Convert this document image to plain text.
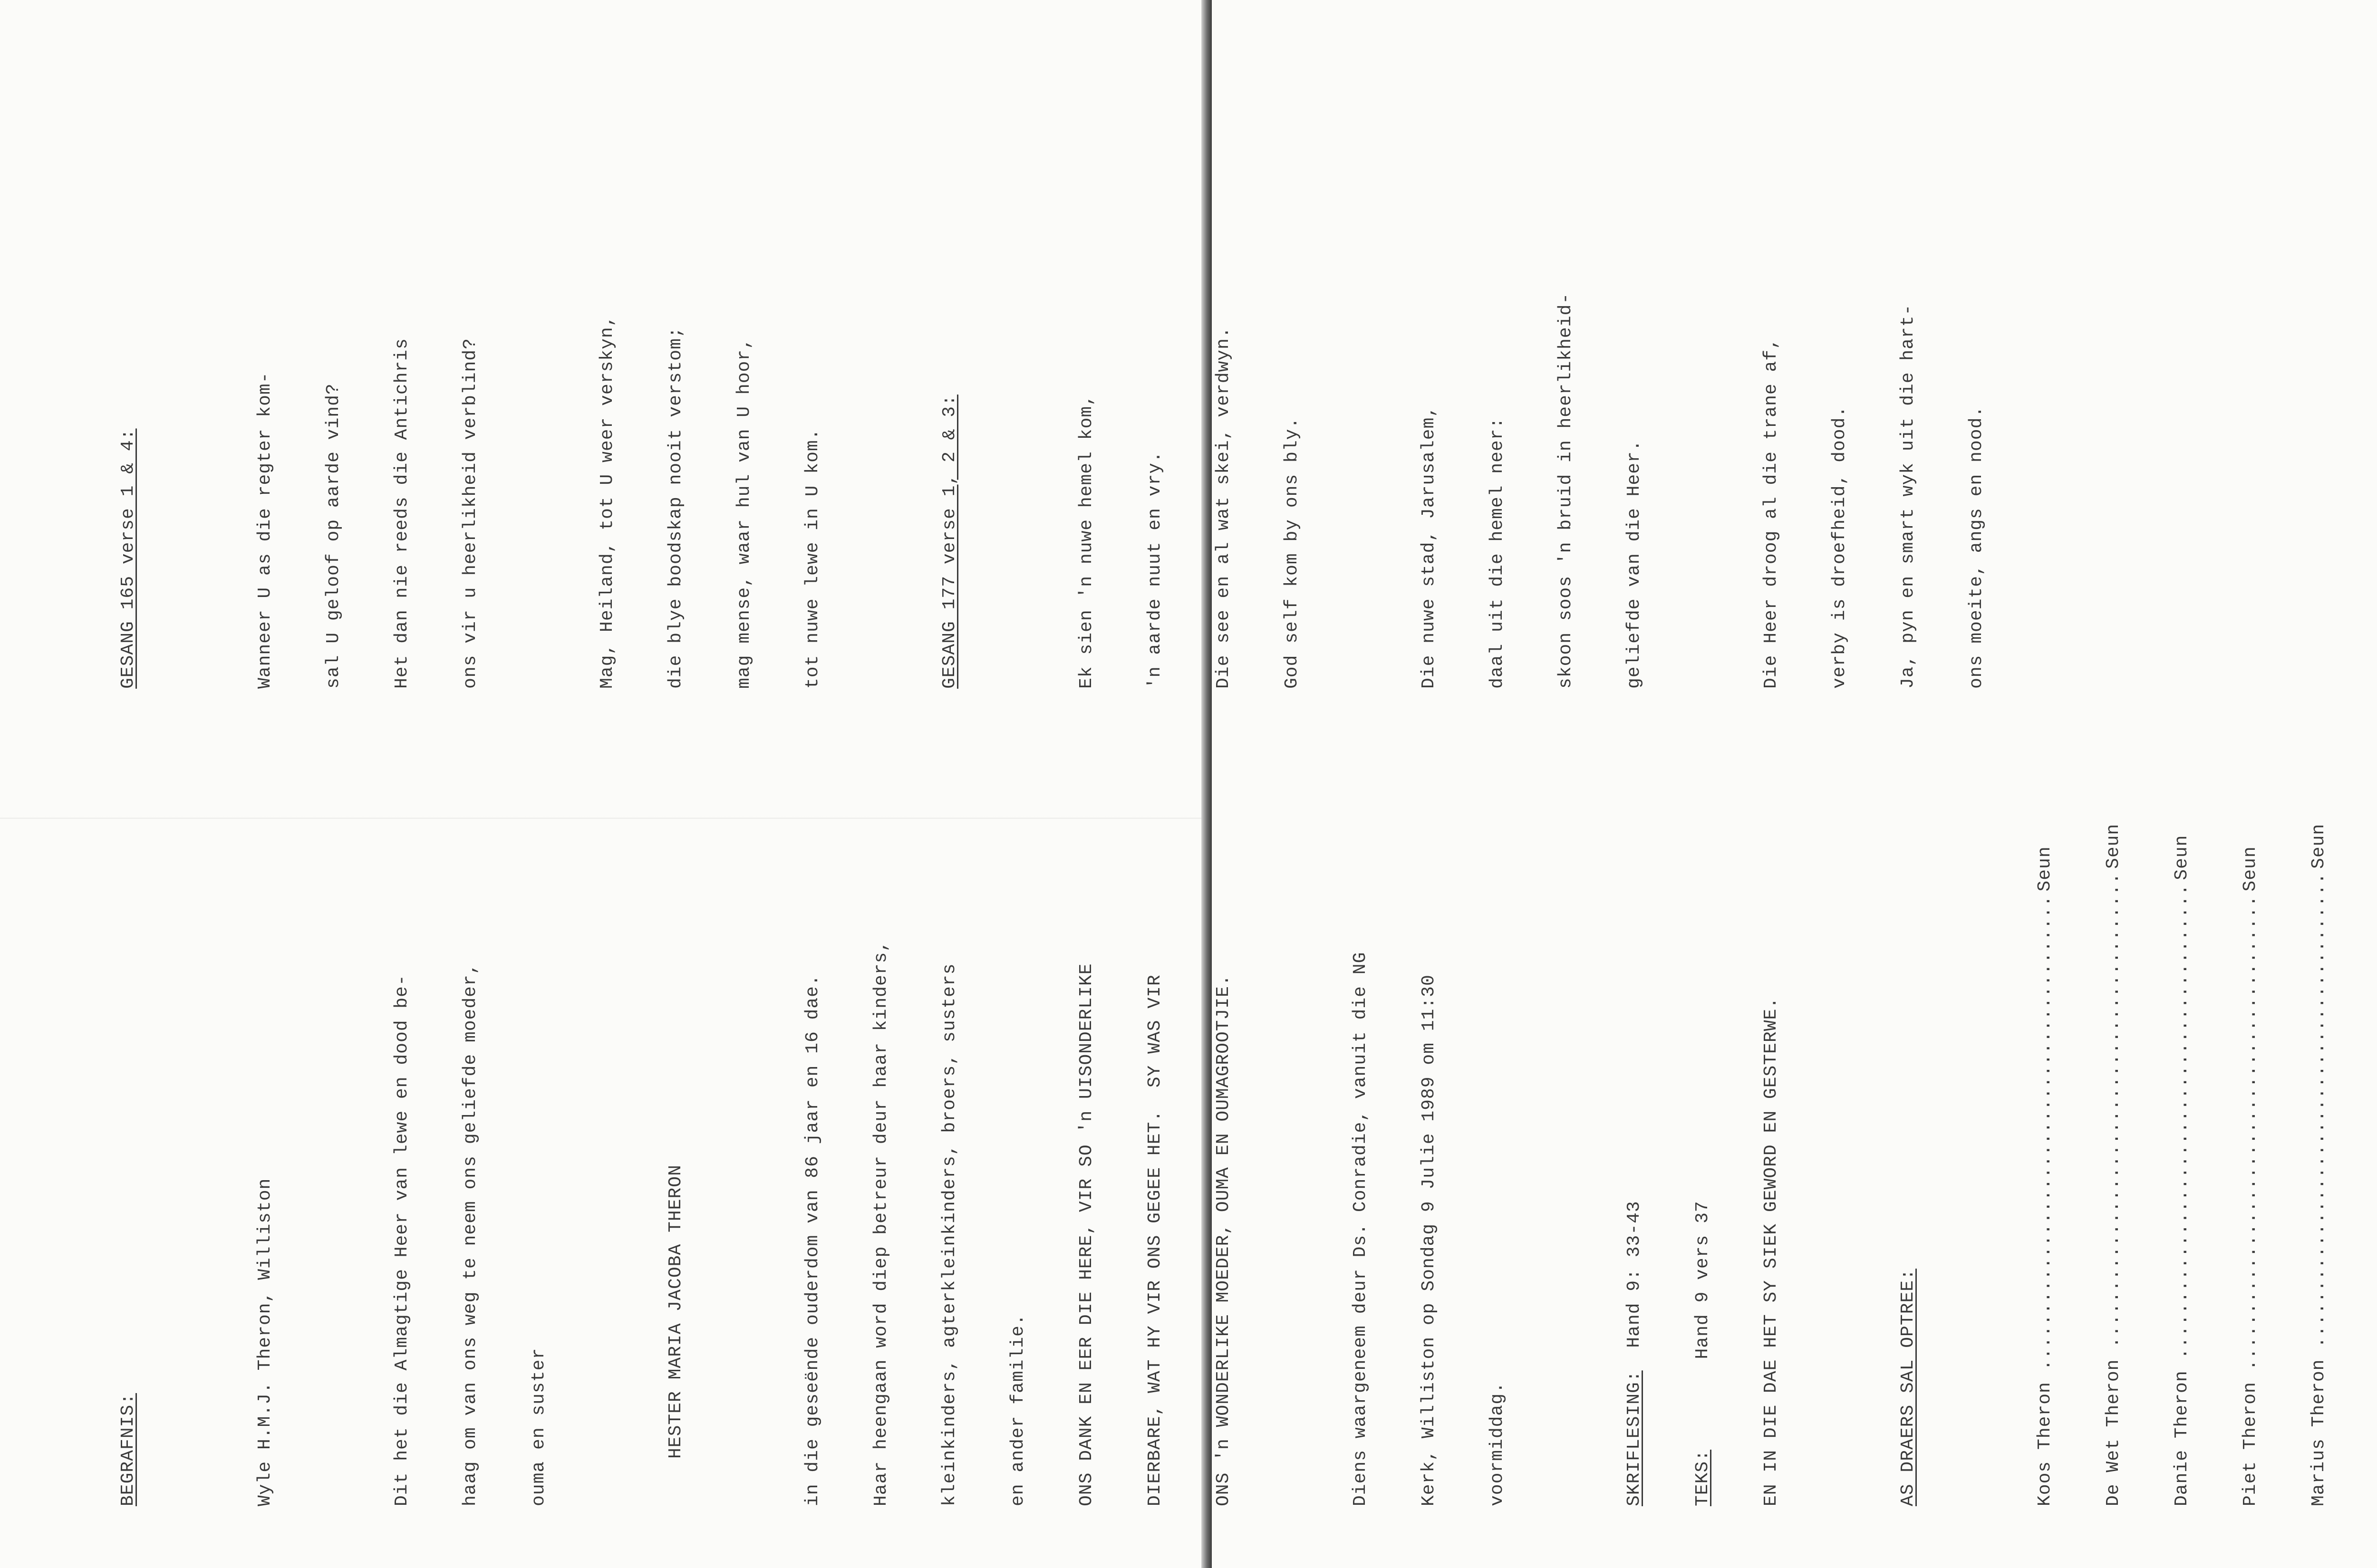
BEGRAFNIS:

	Wyle H.M.J. Theron, Williston

	Dit het die Almagtige Heer van lewe en dood be-

	haag om van ons weg te neem ons geliefde moeder,

	ouma en suster

	HESTER MARIA JACOBA THERON

	in die geseënde ouderdom van 86 jaar en 16 dae.

	Haar heengaan word diep betreur deur haar kinders,

	kleinkinders, agterkleinkinders, broers, susters

	en ander familie.

	ONS DANK EN EER DIE HERE, VIR SO 'n UISONDERLIKE

	DIERBARE, WAT HY VIR ONS GEGEE HET.  SY WAS VIR

	ONS 'n WONDERLIKE MOEDER, OUMA EN OUMAGROOTJIE.

	Diens waargeneem deur Ds. Conradie, vanuit die NG

	Kerk, Williston op Sondag 9 Julie 1989 om 11:30

	voormiddag.

	SKRIFLESING:  Hand 9: 33-43

TEKS:        Hand 9 vers 37

	EN IN DIE DAE HET SY SIEK GEWORD EN GESTERWE.

	AS DRAERS SAL OPTREE:

	Koos Theron
..........................................
Seun

De Wet Theron
..........................................
Seun

Danie Theron
..........................................
Seun

Piet Theron
..........................................
Seun

Marius Theron
..........................................
Seun

GESANG 165 verse 1 & 4:

	Wanneer U as die regter kom-

	sal U geloof op aarde vind?

	Het dan nie reeds die Antichris

	ons vir u heerlikheid verblind?

	Mag, Heiland, tot U weer verskyn,

	die blye boodskap nooit verstom;

	mag mense, waar hul van U hoor,

	tot nuwe lewe in U kom.

	GESANG 177 verse 1, 2 & 3:

	Ek sien 'n nuwe hemel kom,

	'n aarde nuut en vry.

	Die see en al wat skei, verdwyn.

	God self kom by ons bly.

	Die nuwe stad, Jarusalem,

	daal uit die hemel neer:

	skoon soos 'n bruid in heerlikheid-

	geliefde van die Heer.

	Die Heer droog al die trane af,

	verby is droefheid, dood.

	Ja, pyn en smart wyk uit die hart-

	ons moeite, angs en nood.
